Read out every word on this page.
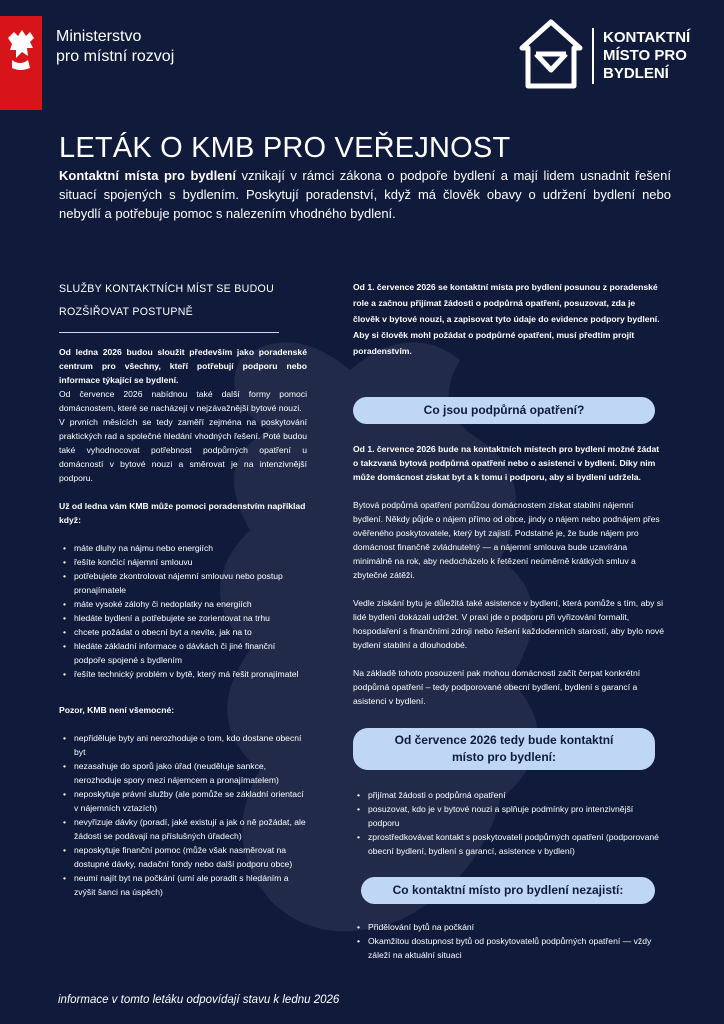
Ministerstvo
pro místní rozvoj
KONTAKTNÍ
MÍSTO PRO
BYDLENÍ
LETÁK O KMB PRO VEŘEJNOST

Kontaktní místa pro bydlení vznikají v rámci zákona o podpoře bydlení a mají lidem usnadnit řešení situací spojených s bydlením. Poskytují poradenství, když má člověk obavy o udržení bydlení nebo nebydlí a potřebuje pomoc s nalezením vhodného bydlení.

SLUŽBY KONTAKTNÍCH MÍST SE BUDOU
ROZŠIŘOVAT POSTUPNĚ

Od ledna 2026 budou sloužit především jako poradenské centrum pro všechny, kteří potřebují podporu nebo informace týkající se bydlení.

Od července 2026 nabídnou také další formy pomoci domácnostem, které se nacházejí v nejzávažnější bytové nouzi.

V prvních měsících se tedy zaměří zejména na poskytování praktických rad a společné hledání vhodných řešení. Poté budou také vyhodnocovat potřebnost podpůrných opatření u domácností v bytové nouzi a směrovat je na intenzivnější podporu.

Už od ledna vám KMB může pomoci poradenstvím například když:

• máte dluhy na nájmu nebo energiích
• řešíte končící nájemní smlouvu
• potřebujete zkontrolovat nájemní smlouvu nebo postup pronajímatele
• máte vysoké zálohy či nedoplatky na energiích
• hledáte bydlení a potřebujete se zorientovat na trhu
• chcete požádat o obecní byt a nevíte, jak na to
• hledáte základní informace o dávkách či jiné finanční podpoře spojené s bydlením
• řešíte technický problém v bytě, který má řešit pronajímatel

Pozor, KMB není všemocné:

• nepřiděluje byty ani nerozhoduje o tom, kdo dostane obecní byt
• nezasahuje do sporů jako úřad (neuděluje sankce, nerozhoduje spory mezi nájemcem a pronajímatelem)
• neposkytuje právní služby (ale pomůže se základní orientací v nájemních vztazích)
• nevyřizuje dávky (poradí, jaké existují a jak o ně požádat, ale žádosti se podávají na příslušných úřadech)
• neposkytuje finanční pomoc (může však nasměrovat na dostupné dávky, nadační fondy nebo další podporu obce)
• neumí najít byt na počkání (umí ale poradit s hledáním a zvýšit šanci na úspěch)

Od 1. července 2026 se kontaktní místa pro bydlení posunou z poradenské role a začnou přijímat žádosti o podpůrná opatření, posuzovat, zda je člověk v bytové nouzi, a zapisovat tyto údaje do evidence podpory bydlení. Aby si člověk mohl požádat o podpůrné opatření, musí předtím projít poradenstvím.

Co jsou podpůrná opatření?

Od 1. července 2026 bude na kontaktních místech pro bydlení možné žádat o takzvaná bytová podpůrná opatření nebo o asistenci v bydlení. Díky nim může domácnost získat byt a k tomu i podporu, aby si bydlení udržela.

Bytová podpůrná opatření pomůžou domácnostem získat stabilní nájemní bydlení. Někdy půjde o nájem přímo od obce, jindy o nájem nebo podnájem přes ověřeného poskytovatele, který byt zajistí. Podstatné je, že bude nájem pro domácnost finančně zvládnutelný — a nájemní smlouva bude uzavírána minimálně na rok, aby nedocházelo k řetězení neúměrně krátkých smluv a zbytečné zátěži.

Vedle získání bytu je důležitá také asistence v bydlení, která pomůže s tím, aby si lidé bydlení dokázali udržet. V praxi jde o podporu při vyřizování formalit, hospodaření s finančními zdroji nebo řešení každodenních starostí, aby bylo nové bydlení stabilní a dlouhodobé.

Na základě tohoto posouzení pak mohou domácnosti začít čerpat konkrétní podpůrná opatření – tedy podporované obecní bydlení, bydlení s garancí a asistenci v bydlení.

Od července 2026 tedy bude kontaktní
místo pro bydlení:
• přijímat žádosti o podpůrná opatření
• posuzovat, kdo je v bytové nouzi a splňuje podmínky pro intenzivnější podporu
• zprostředkovávat kontakt s poskytovateli podpůrných opatření (podporované obecní bydlení, bydlení s garancí, asistence v bydlení)
Co kontaktní místo pro bydlení nezajistí:
• Přidělování bytů na počkání
• Okamžitou dostupnost bytů od poskytovatelů podpůrných opatření — vždy záleží na aktuální situaci
informace v tomto letáku odpovídají stavu k lednu 2026
